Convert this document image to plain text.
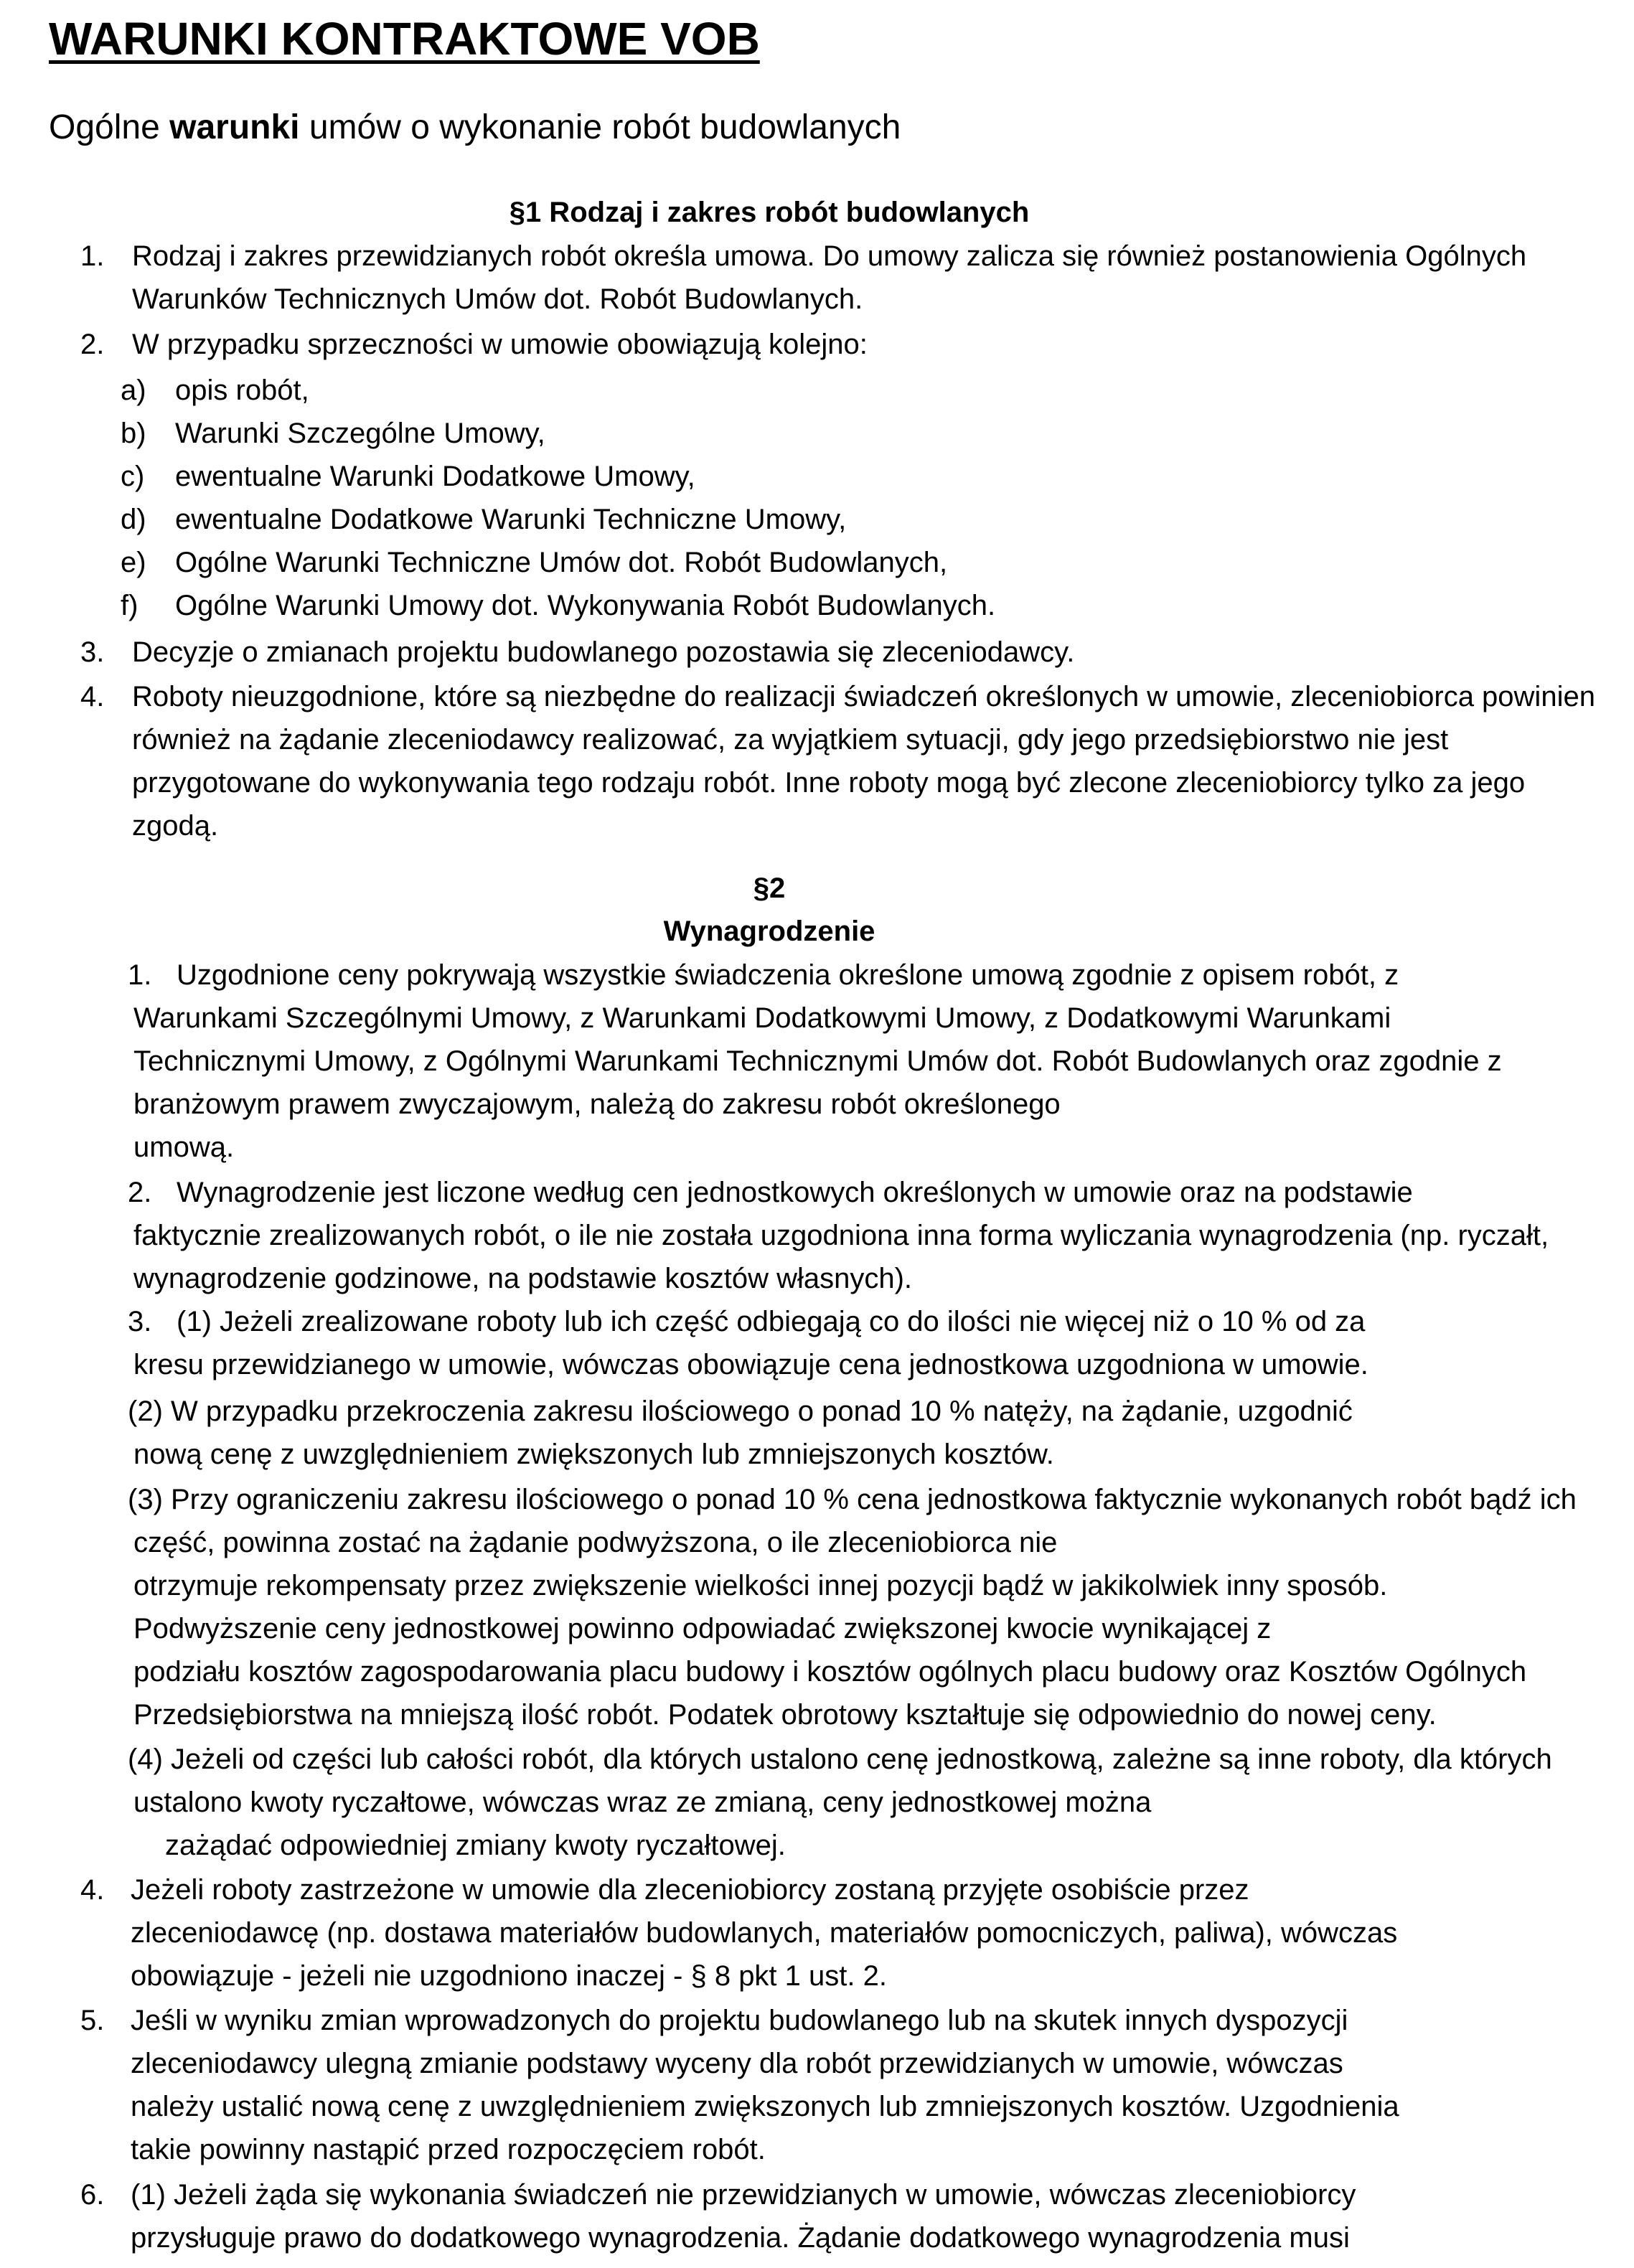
WARUNKI KONTRAKTOWE VOB
Ogólne warunki umów o wykonanie robót budowlanych
§1 Rodzaj i zakres robót budowlanych
1. Rodzaj i zakres przewidzianych robót określa umowa. Do umowy zalicza się również postanowienia Ogólnych
Warunków Technicznych Umów dot. Robót Budowlanych.
2. W przypadku sprzeczności w umowie obowiązują kolejno:
a) opis robót,
b) Warunki Szczególne Umowy,
c) ewentualne Warunki Dodatkowe Umowy,
d) ewentualne Dodatkowe Warunki Techniczne Umowy,
e) Ogólne Warunki Techniczne Umów dot. Robót Budowlanych,
f) Ogólne Warunki Umowy dot. Wykonywania Robót Budowlanych.
3. Decyzje o zmianach projektu budowlanego pozostawia się zleceniodawcy.
4. Roboty nieuzgodnione, które są niezbędne do realizacji świadczeń określonych w umowie, zleceniobiorca powinien
również na żądanie zleceniodawcy realizować, za wyjątkiem sytuacji, gdy jego przedsiębiorstwo nie jest
przygotowane do wykonywania tego rodzaju robót. Inne roboty mogą być zlecone zleceniobiorcy tylko za jego
zgodą.
§2
Wynagrodzenie
1. Uzgodnione ceny pokrywają wszystkie świadczenia określone umową zgodnie z opisem robót, z
Warunkami Szczególnymi Umowy, z Warunkami Dodatkowymi Umowy, z Dodatkowymi Warunkami
Technicznymi Umowy, z Ogólnymi Warunkami Technicznymi Umów dot. Robót Budowlanych oraz zgodnie z
branżowym prawem zwyczajowym, należą do zakresu robót określonego
umową.
2. Wynagrodzenie jest liczone według cen jednostkowych określonych w umowie oraz na podstawie
faktycznie zrealizowanych robót, o ile nie została uzgodniona inna forma wyliczania wynagrodzenia (np. ryczałt,
wynagrodzenie godzinowe, na podstawie kosztów własnych).
3. (1) Jeżeli zrealizowane roboty lub ich część odbiegają co do ilości nie więcej niż o 10 % od za
kresu przewidzianego w umowie, wówczas obowiązuje cena jednostkowa uzgodniona w umowie.
(2) W przypadku przekroczenia zakresu ilościowego o ponad 10 % natęży, na żądanie, uzgodnić
nową cenę z uwzględnieniem zwiększonych lub zmniejszonych kosztów.
(3) Przy ograniczeniu zakresu ilościowego o ponad 10 % cena jednostkowa faktycznie wykonanych robót bądź ich
część, powinna zostać na żądanie podwyższona, o ile zleceniobiorca nie
otrzymuje rekompensaty przez zwiększenie wielkości innej pozycji bądź w jakikolwiek inny sposób.
Podwyższenie ceny jednostkowej powinno odpowiadać zwiększonej kwocie wynikającej z
podziału kosztów zagospodarowania placu budowy i kosztów ogólnych placu budowy oraz Kosztów Ogólnych
Przedsiębiorstwa na mniejszą ilość robót. Podatek obrotowy kształtuje się odpowiednio do nowej ceny.
(4) Jeżeli od części lub całości robót, dla których ustalono cenę jednostkową, zależne są inne roboty, dla których
ustalono kwoty ryczałtowe, wówczas wraz ze zmianą, ceny jednostkowej można
zażądać odpowiedniej zmiany kwoty ryczałtowej.
4. Jeżeli roboty zastrzeżone w umowie dla zleceniobiorcy zostaną przyjęte osobiście przez
zleceniodawcę (np. dostawa materiałów budowlanych, materiałów pomocniczych, paliwa), wówczas
obowiązuje - jeżeli nie uzgodniono inaczej - § 8 pkt 1 ust. 2.
5. Jeśli w wyniku zmian wprowadzonych do projektu budowlanego lub na skutek innych dyspozycji
zleceniodawcy ulegną zmianie podstawy wyceny dla robót przewidzianych w umowie, wówczas
należy ustalić nową cenę z uwzględnieniem zwiększonych lub zmniejszonych kosztów. Uzgodnienia
takie powinny nastąpić przed rozpoczęciem robót.
6. (1) Jeżeli żąda się wykonania świadczeń nie przewidzianych w umowie, wówczas zleceniobiorcy
przysługuje prawo do dodatkowego wynagrodzenia. Żądanie dodatkowego wynagrodzenia musi
